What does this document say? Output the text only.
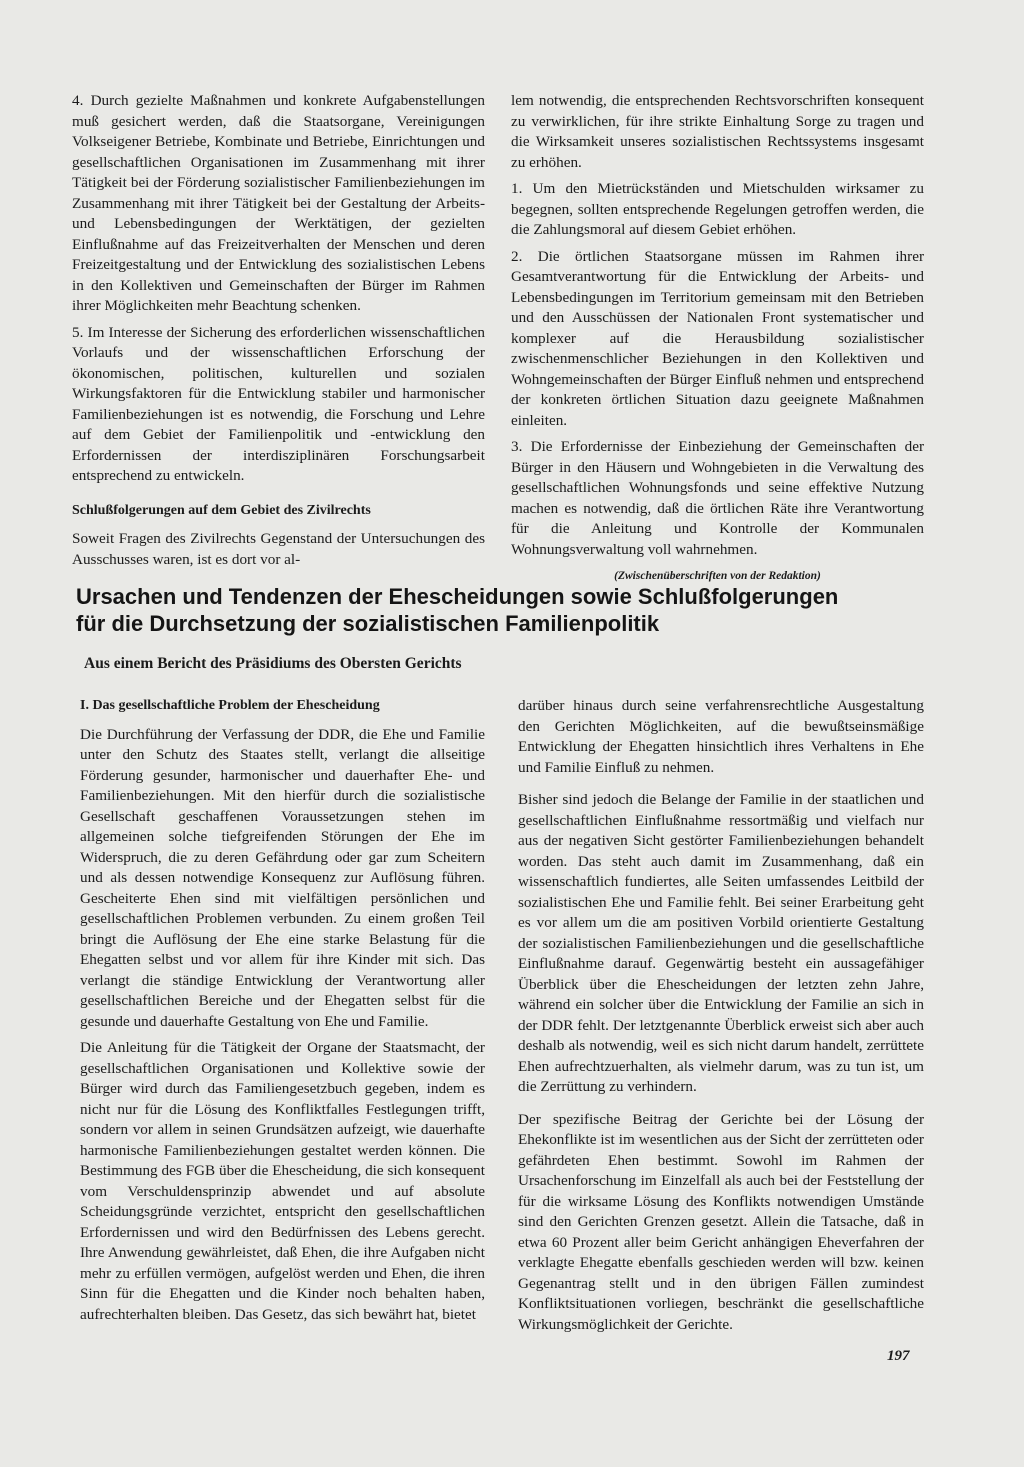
4. Durch gezielte Maßnahmen und konkrete Aufgabenstellungen muß gesichert werden, daß die Staatsorgane, Vereinigungen Volkseigener Betriebe, Kombinate und Betriebe, Einrichtungen und gesellschaftlichen Organisationen im Zusammenhang mit ihrer Tätigkeit bei der Förderung sozialistischer Familienbeziehungen im Zusammenhang mit ihrer Tätigkeit bei der Gestaltung der Arbeits- und Lebensbedingungen der Werktätigen, der gezielten Einflußnahme auf das Freizeitverhalten der Menschen und deren Freizeitgestaltung und der Entwicklung des sozialistischen Lebens in den Kollektiven und Gemeinschaften der Bürger im Rahmen ihrer Möglichkeiten mehr Beachtung schenken.

5. Im Interesse der Sicherung des erforderlichen wissenschaftlichen Vorlaufs und der wissenschaftlichen Erforschung der ökonomischen, politischen, kulturellen und sozialen Wirkungsfaktoren für die Entwicklung stabiler und harmonischer Familienbeziehungen ist es notwendig, die Forschung und Lehre auf dem Gebiet der Familienpolitik und -entwicklung den Erfordernissen der interdisziplinären Forschungsarbeit entsprechend zu entwickeln.

Schlußfolgerungen auf dem Gebiet des Zivilrechts

Soweit Fragen des Zivilrechts Gegenstand der Untersuchungen des Ausschusses waren, ist es dort vor al-

lem notwendig, die entsprechenden Rechtsvorschriften konsequent zu verwirklichen, für ihre strikte Einhaltung Sorge zu tragen und die Wirksamkeit unseres sozialistischen Rechtssystems insgesamt zu erhöhen.

1. Um den Mietrückständen und Mietschulden wirksamer zu begegnen, sollten entsprechende Regelungen getroffen werden, die die Zahlungsmoral auf diesem Gebiet erhöhen.

2. Die örtlichen Staatsorgane müssen im Rahmen ihrer Gesamtverantwortung für die Entwicklung der Arbeits- und Lebensbedingungen im Territorium gemeinsam mit den Betrieben und den Ausschüssen der Nationalen Front systematischer und komplexer auf die Herausbildung sozialistischer zwischenmenschlicher Beziehungen in den Kollektiven und Wohngemeinschaften der Bürger Einfluß nehmen und entsprechend der konkreten örtlichen Situation dazu geeignete Maßnahmen einleiten.

3. Die Erfordernisse der Einbeziehung der Gemeinschaften der Bürger in den Häusern und Wohngebieten in die Verwaltung des gesellschaftlichen Wohnungsfonds und seine effektive Nutzung machen es notwendig, daß die örtlichen Räte ihre Verantwortung für die Anleitung und Kontrolle der Kommunalen Wohnungsverwaltung voll wahrnehmen.

(Zwischenüberschriften von der Redaktion)

Ursachen und Tendenzen der Ehescheidungen sowie Schlußfolgerungen
für die Durchsetzung der sozialistischen Familienpolitik
Aus einem Bericht des Präsidiums des Obersten Gerichts

I. Das gesellschaftliche Problem der Ehescheidung

Die Durchführung der Verfassung der DDR, die Ehe und Familie unter den Schutz des Staates stellt, verlangt die allseitige Förderung gesunder, harmonischer und dauerhafter Ehe- und Familienbeziehungen. Mit den hierfür durch die sozialistische Gesellschaft geschaffenen Voraussetzungen stehen im allgemeinen solche tiefgreifenden Störungen der Ehe im Widerspruch, die zu deren Gefährdung oder gar zum Scheitern und als dessen notwendige Konsequenz zur Auflösung führen. Gescheiterte Ehen sind mit vielfältigen persönlichen und gesellschaftlichen Problemen verbunden. Zu einem großen Teil bringt die Auflösung der Ehe eine starke Belastung für die Ehegatten selbst und vor allem für ihre Kinder mit sich. Das verlangt die ständige Entwicklung der Verantwortung aller gesellschaftlichen Bereiche und der Ehegatten selbst für die gesunde und dauerhafte Gestaltung von Ehe und Familie.

Die Anleitung für die Tätigkeit der Organe der Staatsmacht, der gesellschaftlichen Organisationen und Kollektive sowie der Bürger wird durch das Familiengesetzbuch gegeben, indem es nicht nur für die Lösung des Konfliktfalles Festlegungen trifft, sondern vor allem in seinen Grundsätzen aufzeigt, wie dauerhafte harmonische Familienbeziehungen gestaltet werden können. Die Bestimmung des FGB über die Ehescheidung, die sich konsequent vom Verschuldensprinzip abwendet und auf absolute Scheidungsgründe verzichtet, entspricht den gesellschaftlichen Erfordernissen und wird den Bedürfnissen des Lebens gerecht. Ihre Anwendung gewährleistet, daß Ehen, die ihre Aufgaben nicht mehr zu erfüllen vermögen, aufgelöst werden und Ehen, die ihren Sinn für die Ehegatten und die Kinder noch behalten haben, aufrechterhalten bleiben. Das Gesetz, das sich bewährt hat, bietet

darüber hinaus durch seine verfahrensrechtliche Ausgestaltung den Gerichten Möglichkeiten, auf die bewußtseinsmäßige Entwicklung der Ehegatten hinsichtlich ihres Verhaltens in Ehe und Familie Einfluß zu nehmen.

Bisher sind jedoch die Belange der Familie in der staatlichen und gesellschaftlichen Einflußnahme ressortmäßig und vielfach nur aus der negativen Sicht gestörter Familienbeziehungen behandelt worden. Das steht auch damit im Zusammenhang, daß ein wissenschaftlich fundiertes, alle Seiten umfassendes Leitbild der sozialistischen Ehe und Familie fehlt. Bei seiner Erarbeitung geht es vor allem um die am positiven Vorbild orientierte Gestaltung der sozialistischen Familienbeziehungen und die gesellschaftliche Einflußnahme darauf. Gegenwärtig besteht ein aussagefähiger Überblick über die Ehescheidungen der letzten zehn Jahre, während ein solcher über die Entwicklung der Familie an sich in der DDR fehlt. Der letztgenannte Überblick erweist sich aber auch deshalb als notwendig, weil es sich nicht darum handelt, zerrüttete Ehen aufrechtzuerhalten, als vielmehr darum, was zu tun ist, um die Zerrüttung zu verhindern.

Der spezifische Beitrag der Gerichte bei der Lösung der Ehekonflikte ist im wesentlichen aus der Sicht der zerrütteten oder gefährdeten Ehen bestimmt. Sowohl im Rahmen der Ursachenforschung im Einzelfall als auch bei der Feststellung der für die wirksame Lösung des Konflikts notwendigen Umstände sind den Gerichten Grenzen gesetzt. Allein die Tatsache, daß in etwa 60 Prozent aller beim Gericht anhängigen Eheverfahren der verklagte Ehegatte ebenfalls geschieden werden will bzw. keinen Gegenantrag stellt und in den übrigen Fällen zumindest Konfliktsituationen vorliegen, beschränkt die gesellschaftliche Wirkungsmöglichkeit der Gerichte.

197
